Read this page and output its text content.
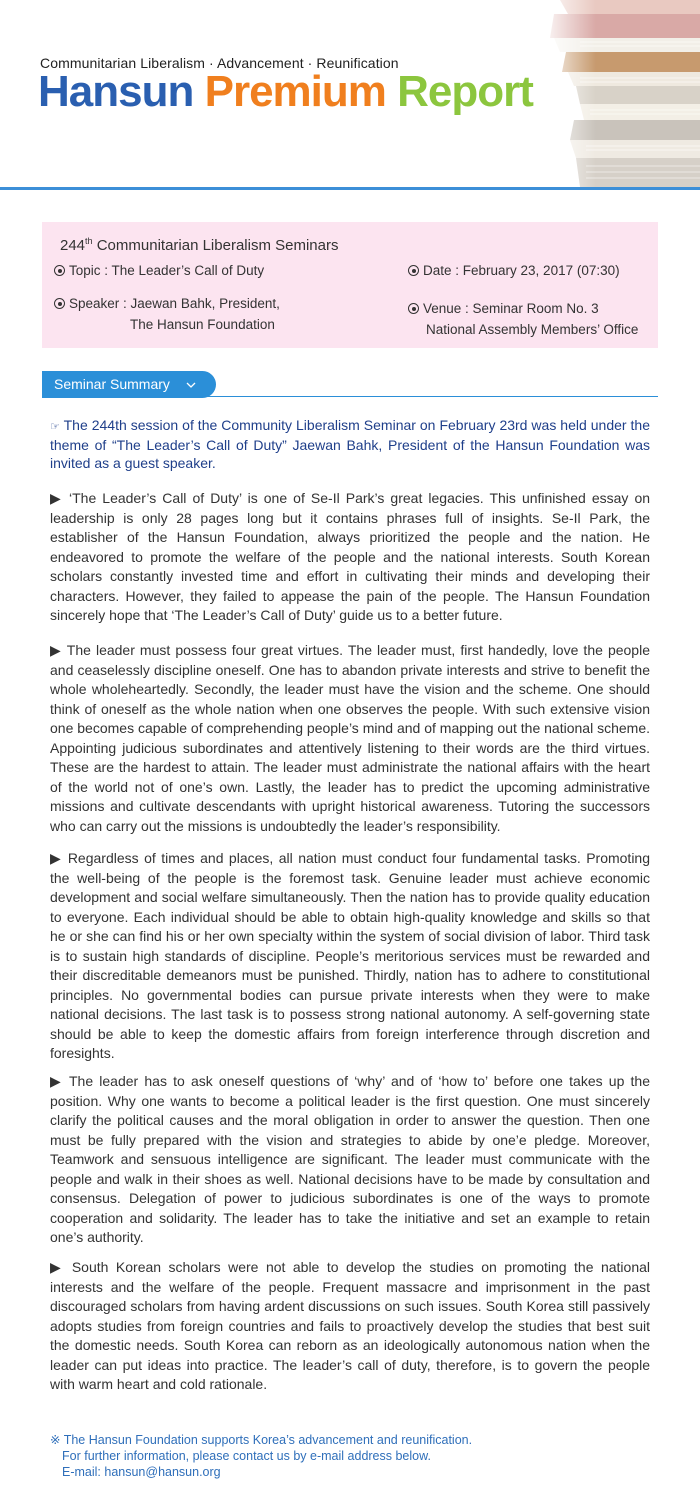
Communitarian Liberalism · Advancement · Reunification
Hansun Premium Report
244th Communitarian Liberalism Seminars
Topic : The Leader’s Call of Duty
Speaker : Jaewan Bahk, President,
The Hansun Foundation
Date : February 23, 2017 (07:30)
Venue : Seminar Room No. 3
National Assembly Members’ Office
Seminar Summary
☞ The 244th session of the Community Liberalism Seminar on February 23rd was held under the theme of “The Leader’s Call of Duty” Jaewan Bahk, President of the Hansun Foundation was invited as a guest speaker.
▶ ‘The Leader’s Call of Duty’ is one of Se-Il Park’s great legacies. This unfinished essay on leadership is only 28 pages long but it contains phrases full of insights. Se-Il Park, the establisher of the Hansun Foundation, always prioritized the people and the nation. He endeavored to promote the welfare of the people and the national interests. South Korean scholars constantly invested time and effort in cultivating their minds and developing their characters. However, they failed to appease the pain of the people. The Hansun Foundation sincerely hope that ‘The Leader’s Call of Duty’ guide us to a better future.
▶ The leader must possess four great virtues. The leader must, first handedly, love the people and ceaselessly discipline oneself. One has to abandon private interests and strive to benefit the whole wholeheartedly. Secondly, the leader must have the vision and the scheme. One should think of oneself as the whole nation when one observes the people. With such extensive vision one becomes capable of comprehending people’s mind and of mapping out the national scheme. Appointing judicious subordinates and attentively listening to their words are the third virtues. These are the hardest to attain. The leader must administrate the national affairs with the heart of the world not of one’s own. Lastly, the leader has to predict the upcoming administrative missions and cultivate descendants with upright historical awareness. Tutoring the successors who can carry out the missions is undoubtedly the leader’s responsibility.
▶ Regardless of times and places, all nation must conduct four fundamental tasks. Promoting the well-being of the people is the foremost task. Genuine leader must achieve economic development and social welfare simultaneously. Then the nation has to provide quality education to everyone. Each individual should be able to obtain high-quality knowledge and skills so that he or she can find his or her own specialty within the system of social division of labor. Third task is to sustain high standards of discipline. People’s meritorious services must be rewarded and their discreditable demeanors must be punished. Thirdly, nation has to adhere to constitutional principles. No governmental bodies can pursue private interests when they were to make national decisions. The last task is to possess strong national autonomy. A self-governing state should be able to keep the domestic affairs from foreign interference through discretion and foresights.
▶ The leader has to ask oneself questions of ‘why’ and of ‘how to’ before one takes up the position. Why one wants to become a political leader is the first question. One must sincerely clarify the political causes and the moral obligation in order to answer the question. Then one must be fully prepared with the vision and strategies to abide by one’e pledge. Moreover, Teamwork and sensuous intelligence are significant. The leader must communicate with the people and walk in their shoes as well. National decisions have to be made by consultation and consensus. Delegation of power to judicious subordinates is one of the ways to promote cooperation and solidarity. The leader has to take the initiative and set an example to retain one’s authority.
▶ South Korean scholars were not able to develop the studies on promoting the national interests and the welfare of the people. Frequent massacre and imprisonment in the past discouraged scholars from having ardent discussions on such issues. South Korea still passively adopts studies from foreign countries and fails to proactively develop the studies that best suit the domestic needs. South Korea can reborn as an ideologically autonomous nation when the leader can put ideas into practice. The leader’s call of duty, therefore, is to govern the people with warm heart and cold rationale.
※ The Hansun Foundation supports Korea’s advancement and reunification.
For further information, please contact us by e-mail address below.
E-mail: hansun@hansun.org
